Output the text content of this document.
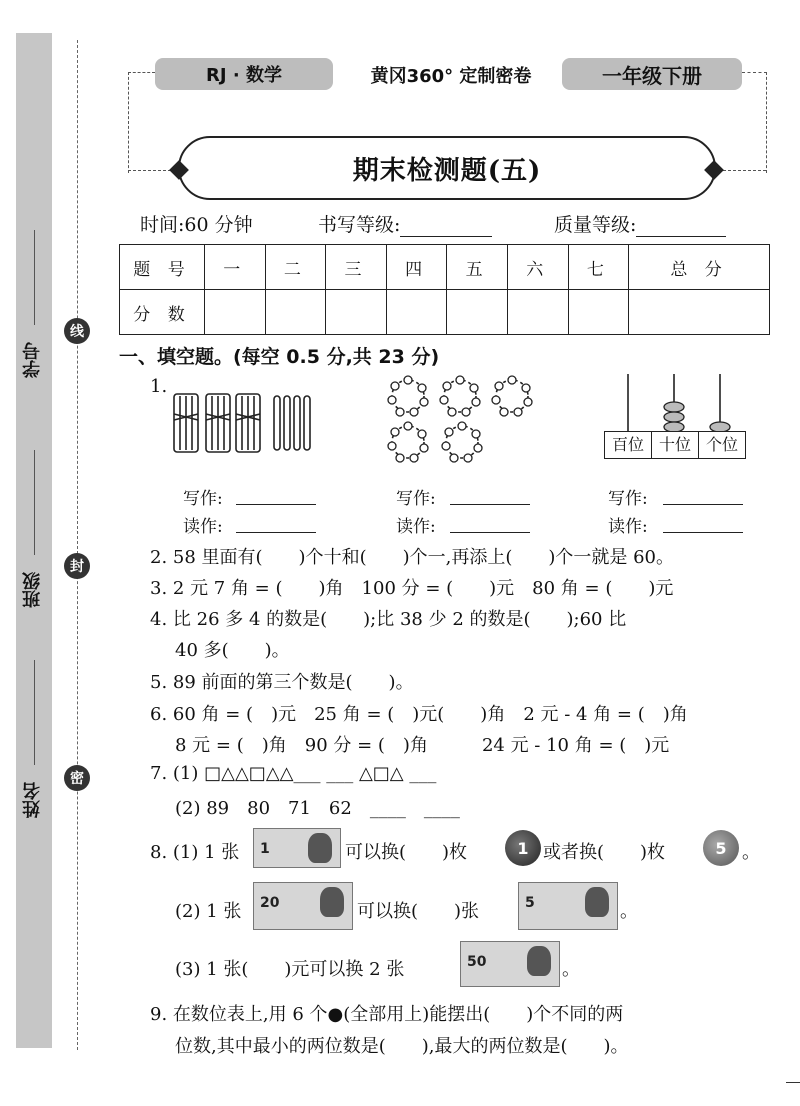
学号
班级
姓名
线
封
密
RJ · 数学	黄冈360° 定制密卷	一年级下册
期末检测题(五)
时间:60 分钟	书写等级:	质量等级:
题 号	一	二	三	四	五	六	七	总 分
分 数								
一、填空题。(每空 0.5 分,共 23 分)
1.
百位 十位 个位
写作:
读作:
写作:
读作:
写作:
读作:
2. 58 里面有(　　)个十和(　　)个一,再添上(　　)个一就是 60。
3. 2 元 7 角 = (　　)角　100 分 = (　　)元　80 角 = (　　)元
4. 比 26 多 4 的数是(　　);比 38 少 2 的数是(　　);60 比
40 多(　　)。
5. 89 前面的第三个数是(　　)。
6. 60 角 = (　)元　25 角 = (　)元(　　)角　2 元 - 4 角 = (　)角
8 元 = (　)角　90 分 = (　)角　　　24 元 - 10 角 = (　)元
7. (1) □△△□△△___ ___ △□△ ___
(2) 89　80　71　62　____　____
8. (1) 1 张 1	可以换(　　)枚	1 或者换(　　)枚	5 。
(2) 1 张 20	可以换(　　)张	5	。
(3) 1 张(　　)元可以换 2 张	50	。
9. 在数位表上,用 6 个●(全部用上)能摆出(　　)个不同的两
位数,其中最小的两位数是(　　),最大的两位数是(　　)。
